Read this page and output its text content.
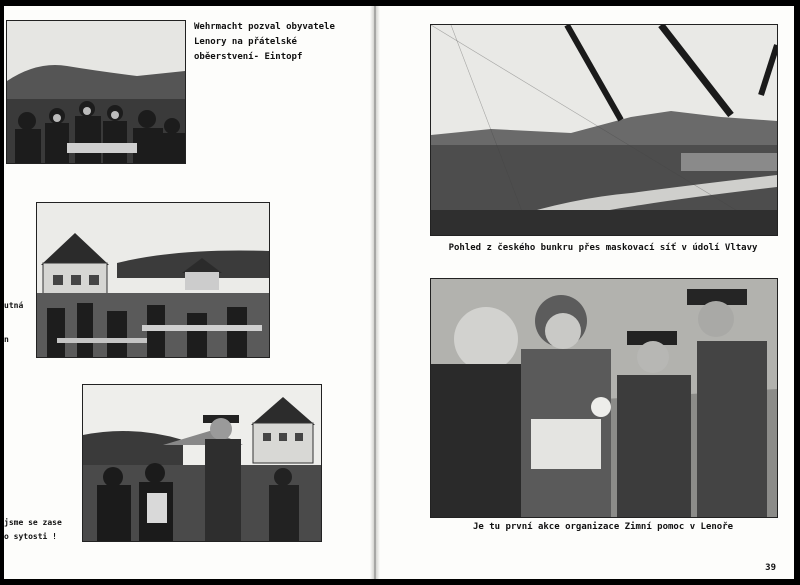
Wehrmacht pozval obyvatele
Lenory na přátelské
oběerstvení- Eintopf
utná
n
jsme se zase
o sytosti !
Pohled z českého bunkru přes maskovací síť v údolí Vltavy
Je tu první akce organizace Zimní pomoc v Lenoře
39
